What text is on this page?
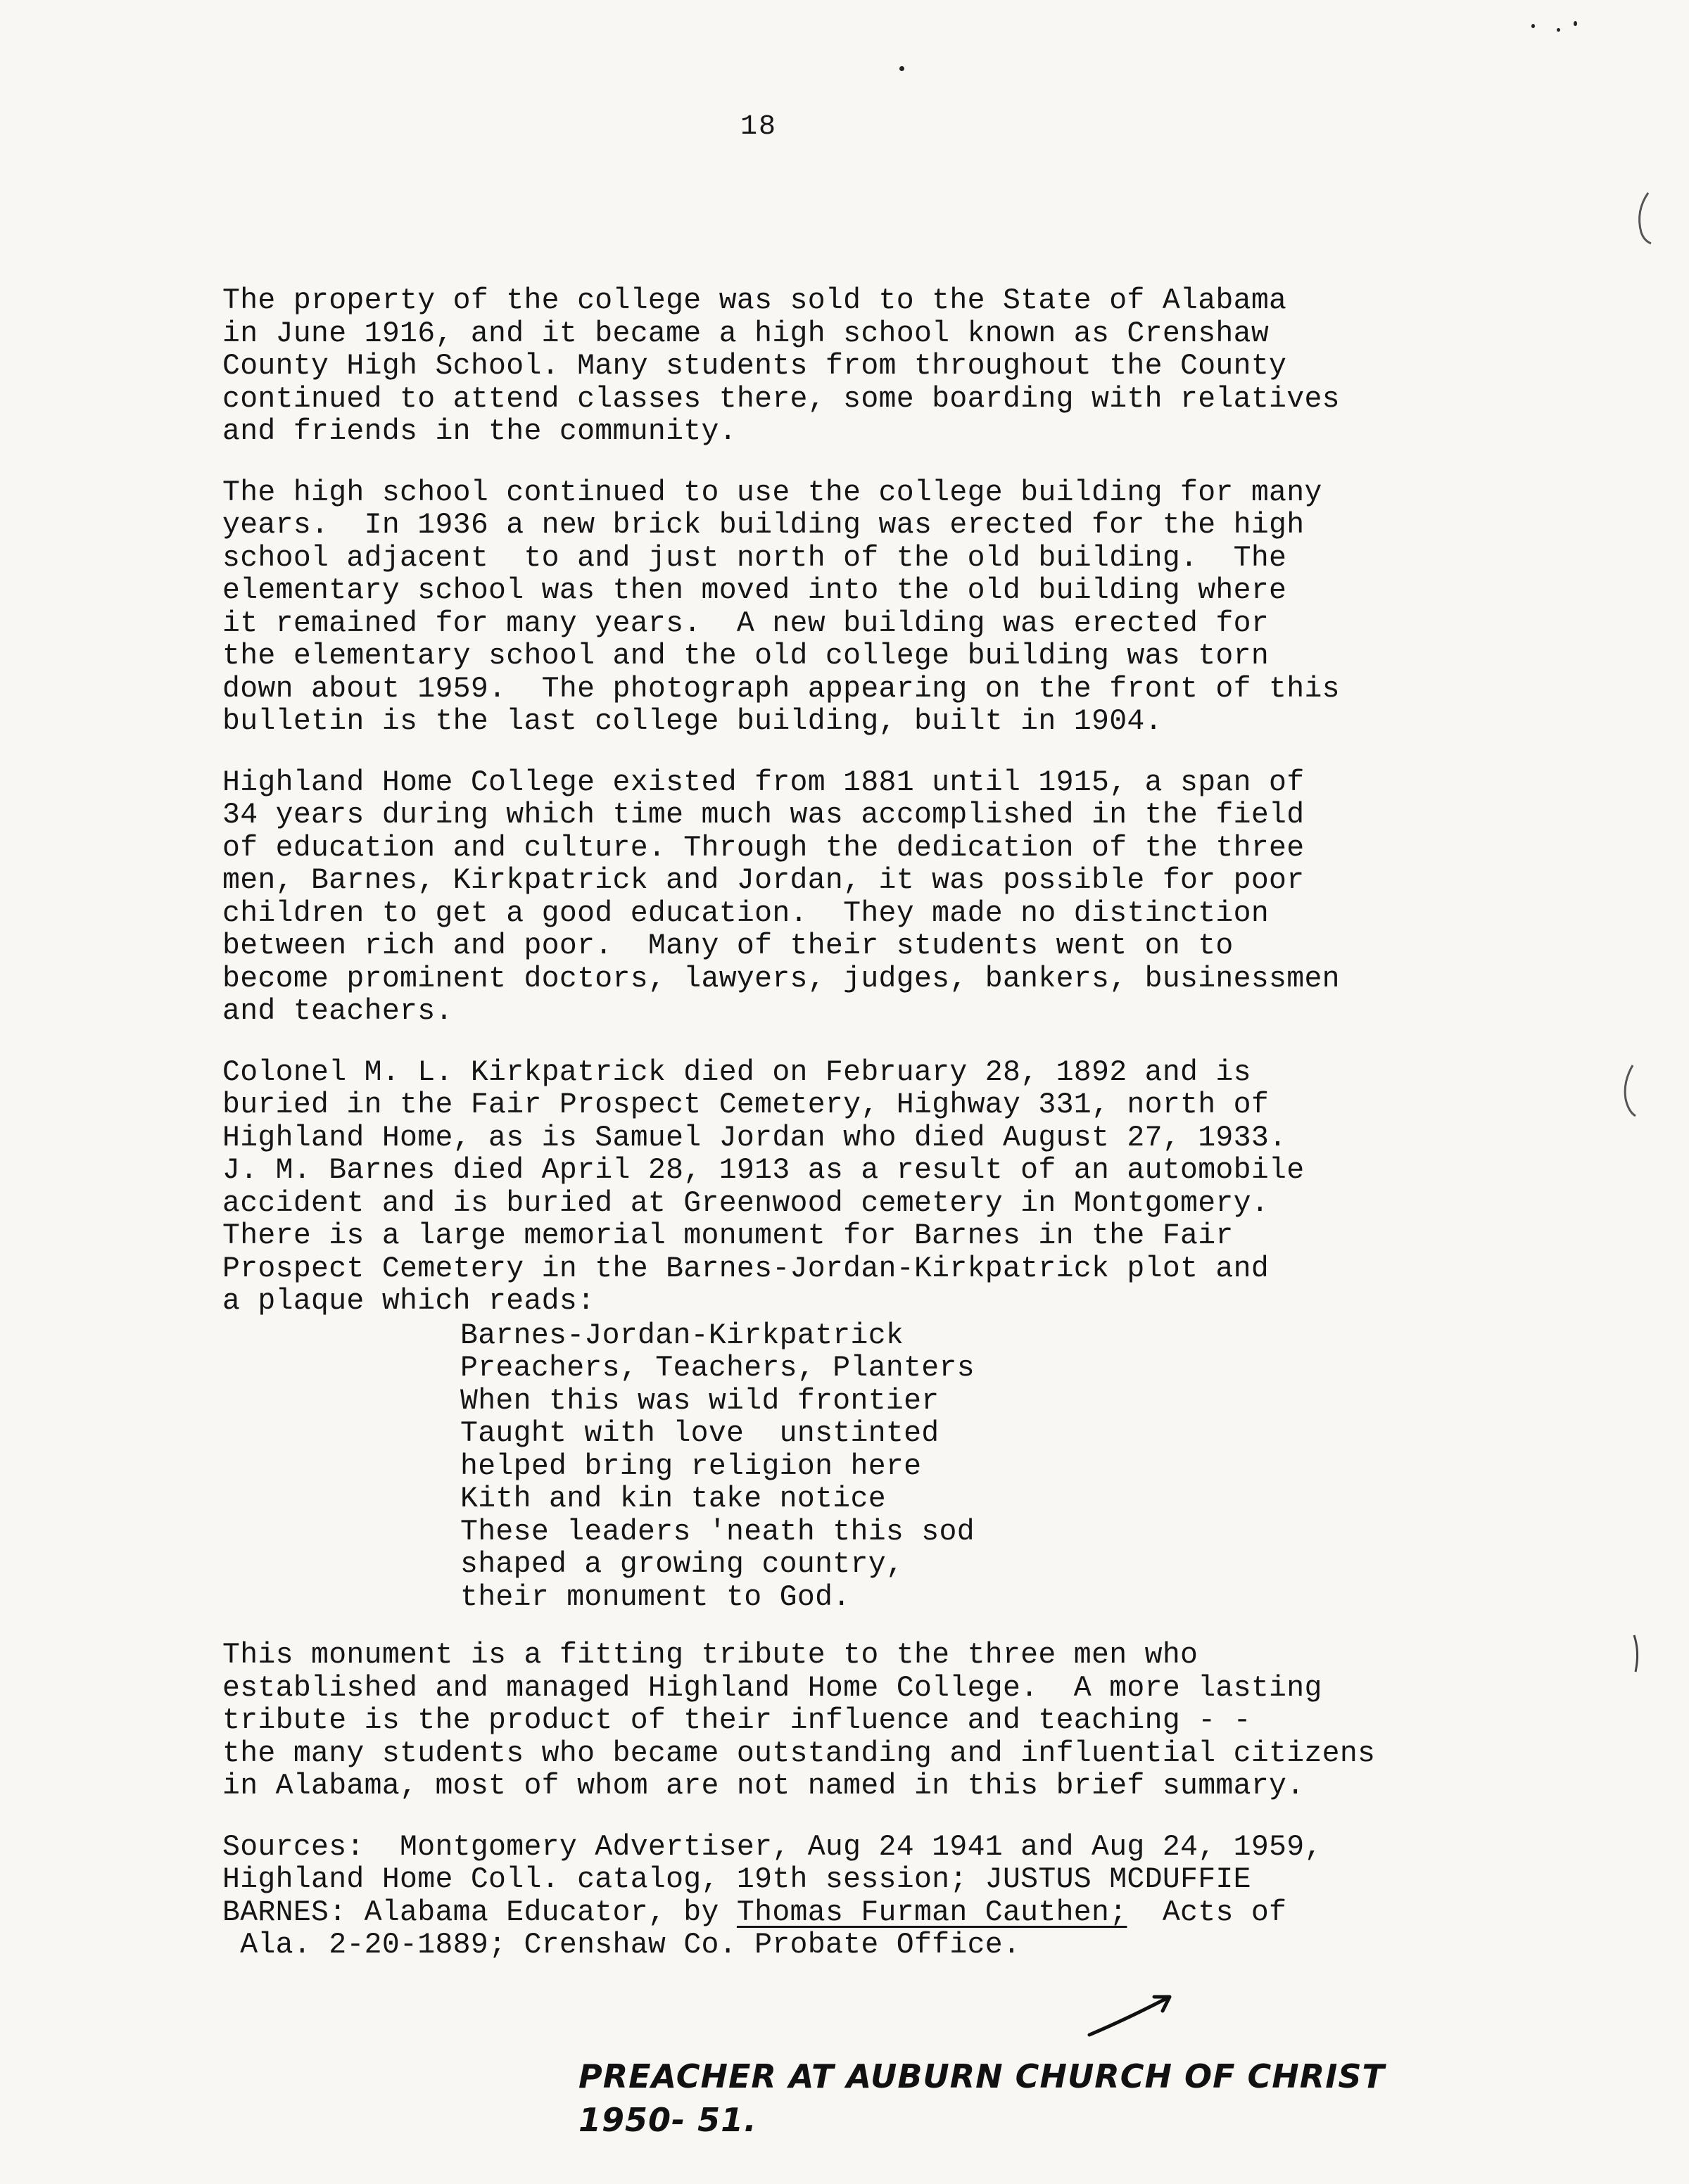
18

The property of the college was sold to the State of Alabama
in June 1916, and it became a high school known as Crenshaw
County High School. Many students from throughout the County
continued to attend classes there, some boarding with relatives
and friends in the community.

The high school continued to use the college building for many
years.  In 1936 a new brick building was erected for the high
school adjacent  to and just north of the old building.  The
elementary school was then moved into the old building where
it remained for many years.  A new building was erected for
the elementary school and the old college building was torn
down about 1959.  The photograph appearing on the front of this
bulletin is the last college building, built in 1904.

Highland Home College existed from 1881 until 1915, a span of
34 years during which time much was accomplished in the field
of education and culture. Through the dedication of the three
men, Barnes, Kirkpatrick and Jordan, it was possible for poor
children to get a good education.  They made no distinction
between rich and poor.  Many of their students went on to
become prominent doctors, lawyers, judges, bankers, businessmen
and teachers.

Colonel M. L. Kirkpatrick died on February 28, 1892 and is
buried in the Fair Prospect Cemetery, Highway 331, north of
Highland Home, as is Samuel Jordan who died August 27, 1933.
J. M. Barnes died April 28, 1913 as a result of an automobile
accident and is buried at Greenwood cemetery in Montgomery.
There is a large memorial monument for Barnes in the Fair
Prospect Cemetery in the Barnes-Jordan-Kirkpatrick plot and
a plaque which reads:

Barnes-Jordan-Kirkpatrick
Preachers, Teachers, Planters
When this was wild frontier
Taught with love  unstinted
helped bring religion here
Kith and kin take notice
These leaders 'neath this sod
shaped a growing country,
their monument to God.

This monument is a fitting tribute to the three men who
established and managed Highland Home College.  A more lasting
tribute is the product of their influence and teaching - -
the many students who became outstanding and influential citizens
in Alabama, most of whom are not named in this brief summary.

Sources:  Montgomery Advertiser, Aug 24 1941 and Aug 24, 1959,
Highland Home Coll. catalog, 19th session; JUSTUS MCDUFFIE
BARNES: Alabama Educator, by Thomas Furman Cauthen;  Acts of
Ala. 2-20-1889; Crenshaw Co. Probate Office.
PREACHER AT AUBURN CHURCH OF CHRIST
1950- 51.
